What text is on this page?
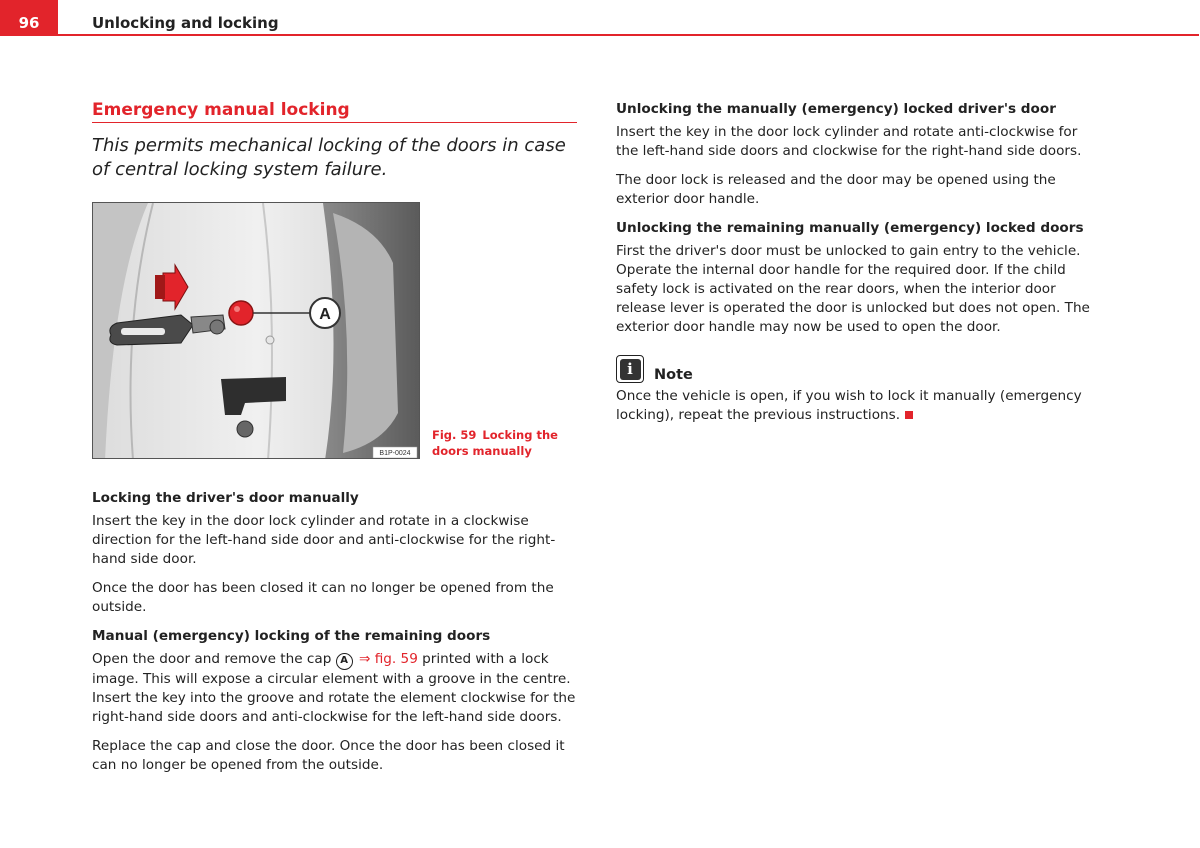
96	Unlocking and locking
Emergency manual locking
This permits mechanical locking of the doors in case of central locking system failure.
A
B1P-0024
Fig. 59 Locking the doors manually
Locking the driver's door manually
Insert the key in the door lock cylinder and rotate in a clockwise direction for the left-hand side door and anti-clockwise for the right-hand side door.
Once the door has been closed it can no longer be opened from the outside.
Manual (emergency) locking of the remaining doors
Open the door and remove the cap A ⇒ fig. 59 printed with a lock image. This will expose a circular element with a groove in the centre. Insert the key into the groove and rotate the element clockwise for the right-hand side doors and anti-clockwise for the left-hand side doors.
Replace the cap and close the door. Once the door has been closed it can no longer be opened from the outside.
Unlocking the manually (emergency) locked driver's door
Insert the key in the door lock cylinder and rotate anti-clockwise for the left-hand side doors and clockwise for the right-hand side doors.
The door lock is released and the door may be opened using the exterior door handle.
Unlocking the remaining manually (emergency) locked doors
First the driver's door must be unlocked to gain entry to the vehicle. Operate the internal door handle for the required door. If the child safety lock is activated on the rear doors, when the interior door release lever is operated the door is unlocked but does not open. The exterior door handle may now be used to open the door.
i	Note
Once the vehicle is open, if you wish to lock it manually (emergency locking), repeat the previous instructions.
